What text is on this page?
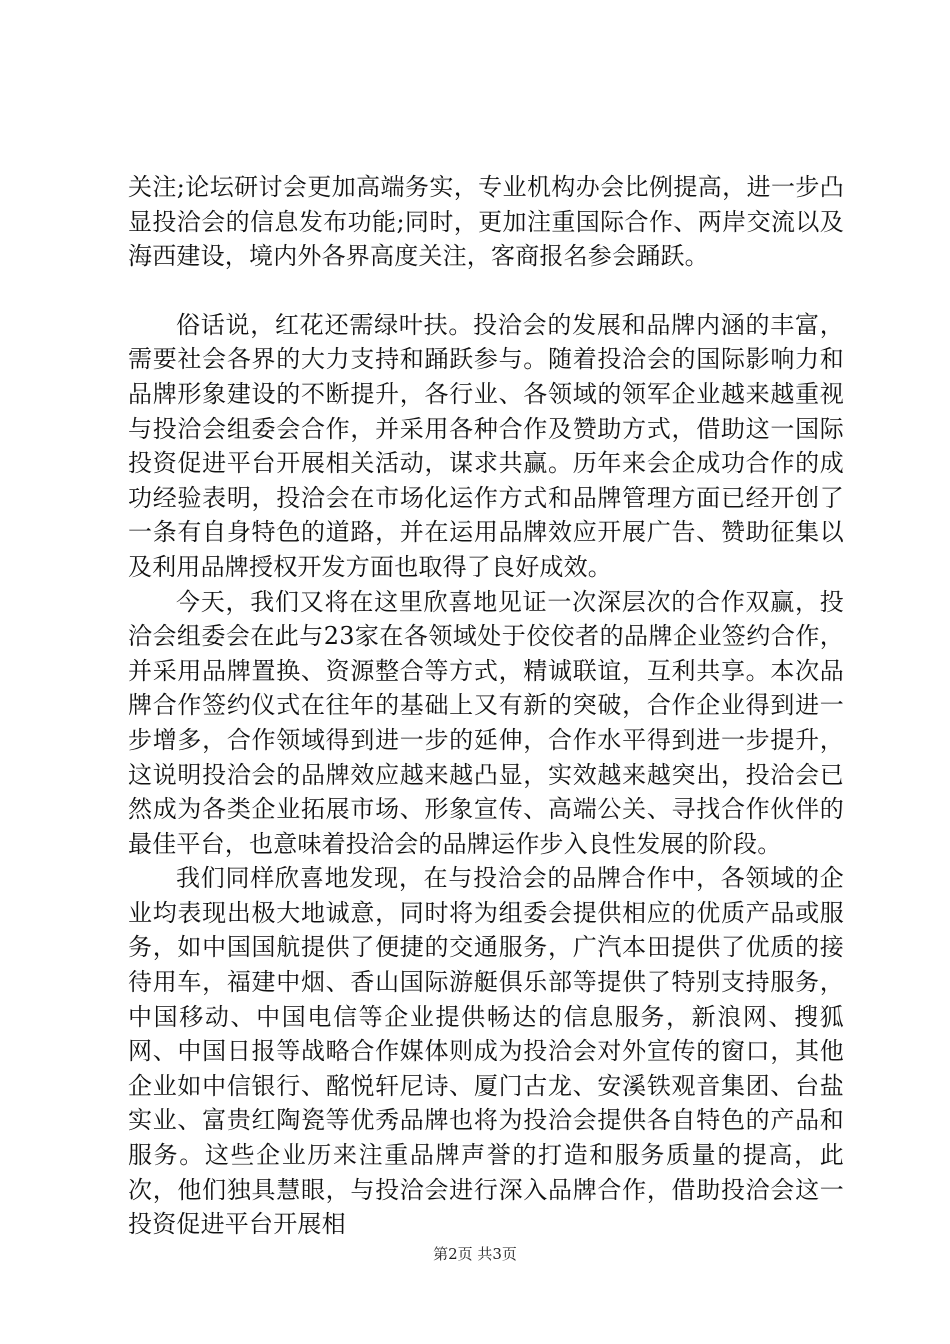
关注;论坛研讨会更加高端务实，专业机构办会比例提高，进一步凸显投洽会的信息发布功能;同时，更加注重国际合作、两岸交流以及海西建设，境内外各界高度关注，客商报名参会踊跃。

俗话说，红花还需绿叶扶。投洽会的发展和品牌内涵的丰富，需要社会各界的大力支持和踊跃参与。随着投洽会的国际影响力和品牌形象建设的不断提升，各行业、各领域的领军企业越来越重视与投洽会组委会合作，并采用各种合作及赞助方式，借助这一国际投资促进平台开展相关活动，谋求共赢。历年来会企成功合作的成功经验表明，投洽会在市场化运作方式和品牌管理方面已经开创了一条有自身特色的道路，并在运用品牌效应开展广告、赞助征集以及利用品牌授权开发方面也取得了良好成效。

今天，我们又将在这里欣喜地见证一次深层次的合作双赢，投洽会组委会在此与23家在各领域处于佼佼者的品牌企业签约合作，并采用品牌置换、资源整合等方式，精诚联谊，互利共享。本次品牌合作签约仪式在往年的基础上又有新的突破，合作企业得到进一步增多，合作领域得到进一步的延伸，合作水平得到进一步提升，这说明投洽会的品牌效应越来越凸显，实效越来越突出，投洽会已然成为各类企业拓展市场、形象宣传、高端公关、寻找合作伙伴的最佳平台，也意味着投洽会的品牌运作步入良性发展的阶段。

我们同样欣喜地发现，在与投洽会的品牌合作中，各领域的企业均表现出极大地诚意，同时将为组委会提供相应的优质产品或服务，如中国国航提供了便捷的交通服务，广汽本田提供了优质的接待用车，福建中烟、香山国际游艇俱乐部等提供了特别支持服务，中国移动、中国电信等企业提供畅达的信息服务，新浪网、搜狐网、中国日报等战略合作媒体则成为投洽会对外宣传的窗口，其他企业如中信银行、酩悦轩尼诗、厦门古龙、安溪铁观音集团、台盐实业、富贵红陶瓷等优秀品牌也将为投洽会提供各自特色的产品和服务。这些企业历来注重品牌声誉的打造和服务质量的提高，此次，他们独具慧眼，与投洽会进行深入品牌合作，借助投洽会这一投资促进平台开展相

第2页 共3页
